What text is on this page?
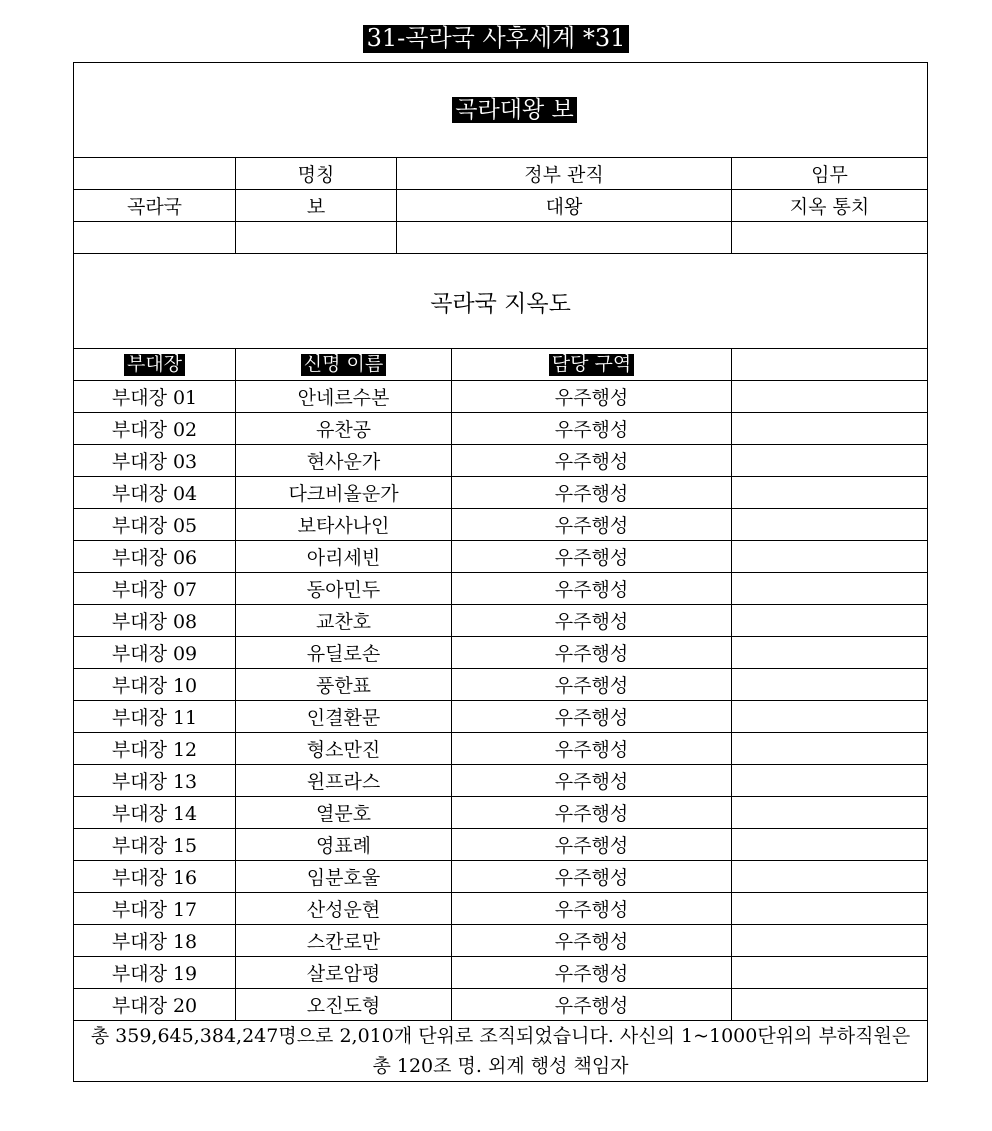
31-곡라국 사후세계 *31
곡라대왕 보				
	명칭	정부 관직		임무
곡라국	보	대왕		지옥 통치

곡라국 지옥도				
부대장	신명 이름		담당 구역	
부대장 01	안네르수본		우주행성	
부대장 02	유찬공		우주행성	
부대장 03	현사운가		우주행성	
부대장 04	다크비올운가		우주행성	
부대장 05	보타사나인		우주행성	
부대장 06	아리세빈		우주행성	
부대장 07	동아민두		우주행성	
부대장 08	교찬호		우주행성	
부대장 09	유딜로손		우주행성	
부대장 10	풍한표		우주행성	
부대장 11	인결환문		우주행성	
부대장 12	형소만진		우주행성	
부대장 13	윈프라스		우주행성	
부대장 14	열문호		우주행성	
부대장 15	영표례		우주행성	
부대장 16	임분호울		우주행성	
부대장 17	산성운현		우주행성	
부대장 18	스칸로만		우주행성	
부대장 19	살로암평		우주행성	
부대장 20	오진도형		우주행성	

총 359,645,384,247명으로 2,010개 단위로 조직되었습니다. 사신의 1~1000단위의 부하직원은
총 120조 명. 외계 행성 책임자				
